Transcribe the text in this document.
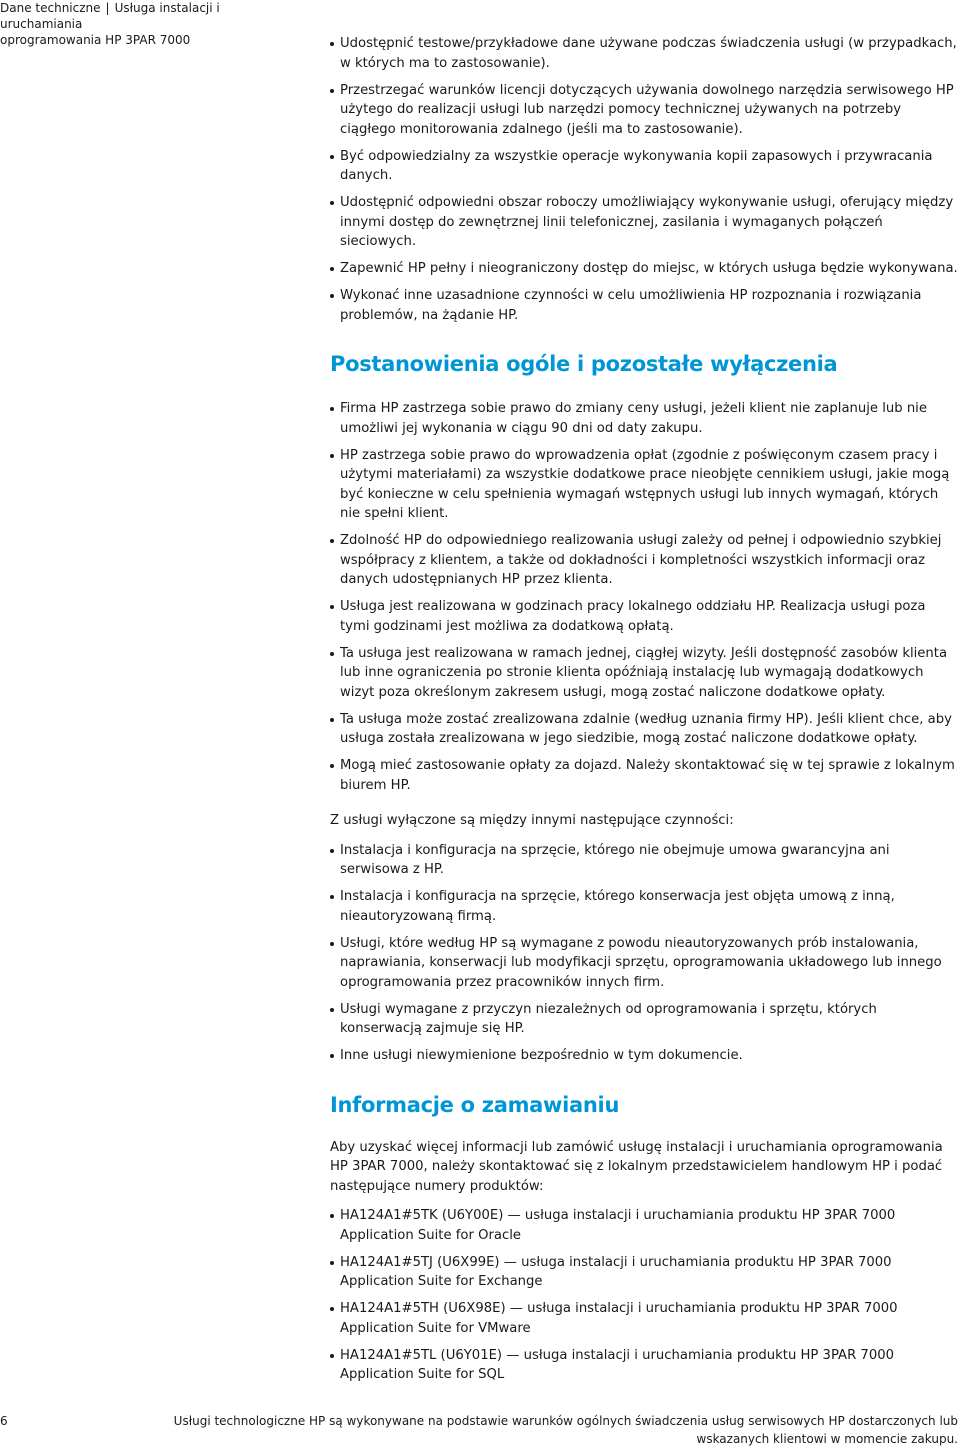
Dane techniczne | Usługa instalacji i uruchamiania
oprogramowania HP 3PAR 7000	Udostępnić testowe/przykładowe dane używane podczas świadczenia usługi (w przypadkach, w których ma to zastosowanie).
Przestrzegać warunków licencji dotyczących używania dowolnego narzędzia serwisowego HP użytego do realizacji usługi lub narzędzi pomocy technicznej używanych na potrzeby ciągłego monitorowania zdalnego (jeśli ma to zastosowanie).
Być odpowiedzialny za wszystkie operacje wykonywania kopii zapasowych i przywracania danych.
Udostępnić odpowiedni obszar roboczy umożliwiający wykonywanie usługi, oferujący między innymi dostęp do zewnętrznej linii telefonicznej, zasilania i wymaganych połączeń sieciowych.
Zapewnić HP pełny i nieograniczony dostęp do miejsc, w których usługa będzie wykonywana.
Wykonać inne uzasadnione czynności w celu umożliwienia HP rozpoznania i rozwiązania problemów, na żądanie HP.
Postanowienia ogóle i pozostałe wyłączenia
Firma HP zastrzega sobie prawo do zmiany ceny usługi, jeżeli klient nie zaplanuje lub nie umożliwi jej wykonania w ciągu 90 dni od daty zakupu.
HP zastrzega sobie prawo do wprowadzenia opłat (zgodnie z poświęconym czasem pracy i użytymi materiałami) za wszystkie dodatkowe prace nieobjęte cennikiem usługi, jakie mogą być konieczne w celu spełnienia wymagań wstępnych usługi lub innych wymagań, których nie spełni klient.
Zdolność HP do odpowiedniego realizowania usługi zależy od pełnej i odpowiednio szybkiej współpracy z klientem, a także od dokładności i kompletności wszystkich informacji oraz danych udostępnianych HP przez klienta.
Usługa jest realizowana w godzinach pracy lokalnego oddziału HP. Realizacja usługi poza tymi godzinami jest możliwa za dodatkową opłatą.
Ta usługa jest realizowana w ramach jednej, ciągłej wizyty. Jeśli dostępność zasobów klienta lub inne ograniczenia po stronie klienta opóźniają instalację lub wymagają dodatkowych wizyt poza określonym zakresem usługi, mogą zostać naliczone dodatkowe opłaty.
Ta usługa może zostać zrealizowana zdalnie (według uznania firmy HP). Jeśli klient chce, aby usługa została zrealizowana w jego siedzibie, mogą zostać naliczone dodatkowe opłaty.
Mogą mieć zastosowanie opłaty za dojazd. Należy skontaktować się w tej sprawie z lokalnym biurem HP.

Z usługi wyłączone są między innymi następujące czynności:

Instalacja i konfiguracja na sprzęcie, którego nie obejmuje umowa gwarancyjna ani serwisowa z HP.
Instalacja i konfiguracja na sprzęcie, którego konserwacja jest objęta umową z inną, nieautoryzowaną firmą.
Usługi, które według HP są wymagane z powodu nieautoryzowanych prób instalowania, naprawiania, konserwacji lub modyfikacji sprzętu, oprogramowania układowego lub innego oprogramowania przez pracowników innych firm.
Usługi wymagane z przyczyn niezależnych od oprogramowania i sprzętu, których konserwacją zajmuje się HP.
Inne usługi niewymienione bezpośrednio w tym dokumencie.
Informacje o zamawianiu

Aby uzyskać więcej informacji lub zamówić usługę instalacji i uruchamiania oprogramowania HP 3PAR 7000, należy skontaktować się z lokalnym przedstawicielem handlowym HP i podać następujące numery produktów:

HA124A1#5TK (U6Y00E) — usługa instalacji i uruchamiania produktu HP 3PAR 7000 Application Suite for Oracle
HA124A1#5TJ (U6X99E) — usługa instalacji i uruchamiania produktu HP 3PAR 7000 Application Suite for Exchange
HA124A1#5TH (U6X98E) — usługa instalacji i uruchamiania produktu HP 3PAR 7000 Application Suite for VMware
HA124A1#5TL (U6Y01E) — usługa instalacji i uruchamiania produktu HP 3PAR 7000 Application Suite for SQL
6	Usługi technologiczne HP są wykonywane na podstawie warunków ogólnych świadczenia usług serwisowych HP dostarczonych lub wskazanych klientowi w momencie zakupu.
